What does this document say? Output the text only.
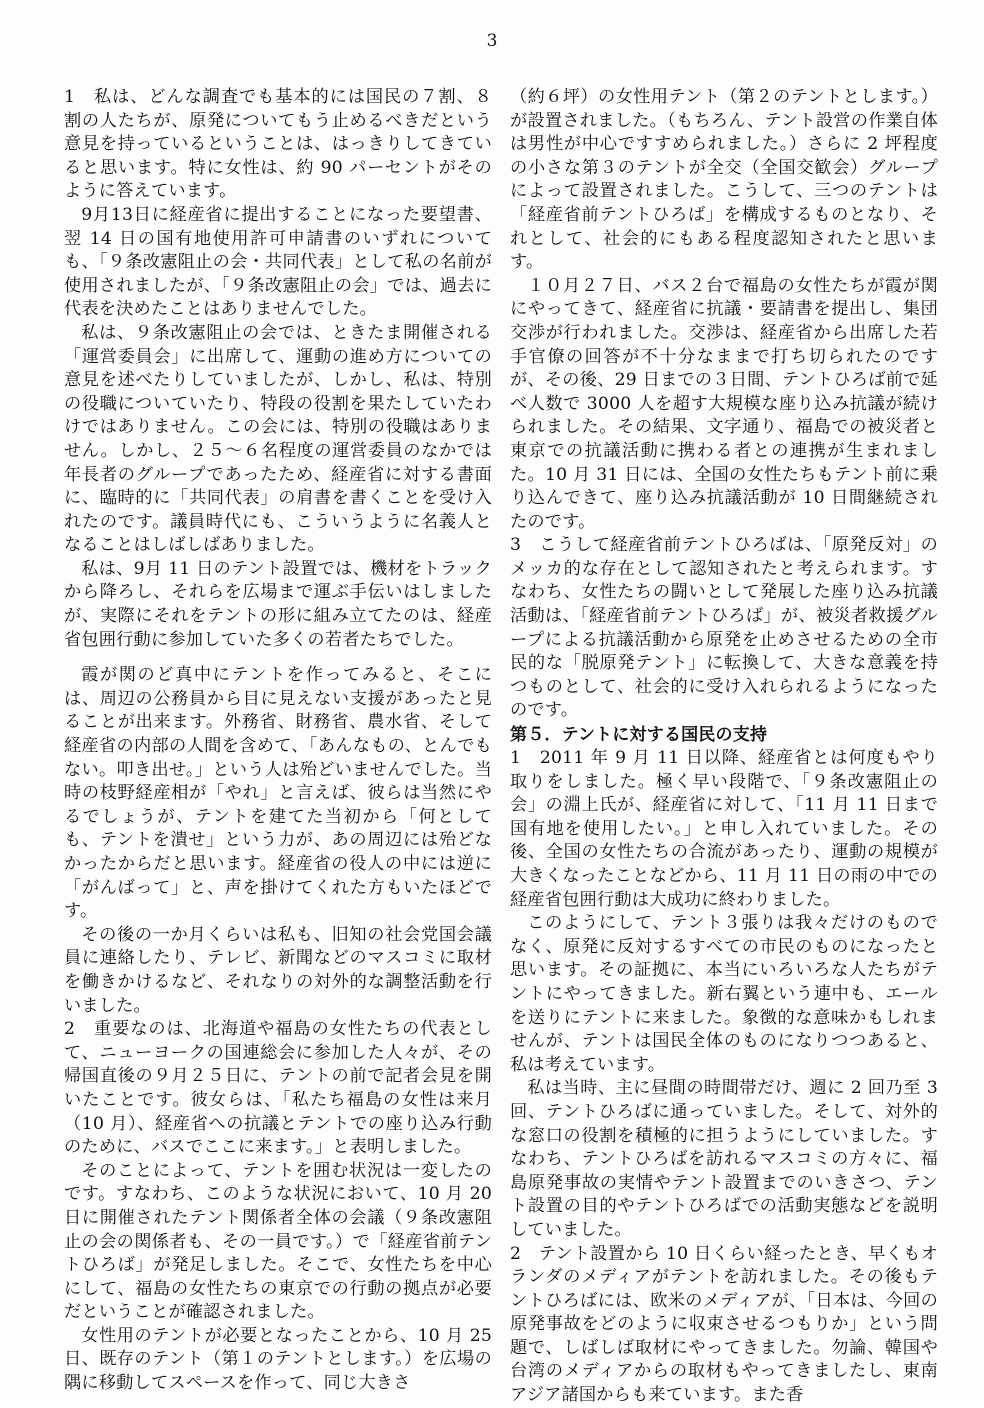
3

1　私は、どんな調査でも基本的には国民の７割、８割の人たちが、原発についてもう止めるべきだという意見を持っているということは、はっきりしてきていると思います。特に女性は、約 90 パーセントがそのように答えています。

9月13日に経産省に提出することになった要望書、翌 14 日の国有地使用許可申請書のいずれについても、「９条改憲阻止の会・共同代表」として私の名前が使用されましたが、「９条改憲阻止の会」では、過去に代表を決めたことはありませんでした。

私は、９条改憲阻止の会では、ときたま開催される「運営委員会」に出席して、運動の進め方についての意見を述べたりしていましたが、しかし、私は、特別の役職についていたり、特段の役割を果たしていたわけではありません。この会には、特別の役職はありません。しかし、２５～６名程度の運営委員のなかでは年長者のグループであったため、経産省に対する書面に、臨時的に「共同代表」の肩書を書くことを受け入れたのです。議員時代にも、こういうように名義人となることはしばしばありました。

私は、9月 11 日のテント設置では、機材をトラックから降ろし、それらを広場まで運ぶ手伝いはしましたが、実際にそれをテントの形に組み立てたのは、経産省包囲行動に参加していた多くの若者たちでした。

霞が関のど真中にテントを作ってみると、そこには、周辺の公務員から目に見えない支援があったと見ることが出来ます。外務省、財務省、農水省、そして経産省の内部の人間を含めて、「あんなもの、とんでもない。叩き出せ。」という人は殆どいませんでした。当時の枝野経産相が「やれ」と言えば、彼らは当然にやるでしょうが、テントを建てた当初から「何としても、テントを潰せ」という力が、あの周辺には殆どなかったからだと思います。経産省の役人の中には逆に「がんばって」と、声を掛けてくれた方もいたほどです。

その後の一か月くらいは私も、旧知の社会党国会議員に連絡したり、テレビ、新聞などのマスコミに取材を働きかけるなど、それなりの対外的な調整活動を行いました。

2　重要なのは、北海道や福島の女性たちの代表として、ニューヨークの国連総会に参加した人々が、その帰国直後の９月２５日に、テントの前で記者会見を開いたことです。彼女らは、「私たち福島の女性は来月（10 月）、経産省への抗議とテントでの座り込み行動のために、バスでここに来ます。」と表明しました。

そのことによって、テントを囲む状況は一変したのです。すなわち、このような状況において、10 月 20 日に開催されたテント関係者全体の会議（９条改憲阻止の会の関係者も、その一員です。）で「経産省前テントひろば」が発足しました。そこで、女性たちを中心にして、福島の女性たちの東京での行動の拠点が必要だということが確認されました。

女性用のテントが必要となったことから、10 月 25 日、既存のテント（第１のテントとします。）を広場の隅に移動してスペースを作って、同じ大きさ

（約６坪）の女性用テント（第２のテントとします。）が設置されました。（もちろん、テント設営の作業自体は男性が中心ですすめられました。）さらに 2 坪程度の小さな第３のテントが全交（全国交歓会）グループによって設置されました。こうして、三つのテントは「経産省前テントひろば」を構成するものとなり、それとして、社会的にもある程度認知されたと思います。

１０月２７日、バス２台で福島の女性たちが霞が関にやってきて、経産省に抗議・要請書を提出し、集団交渉が行われました。交渉は、経産省から出席した若手官僚の回答が不十分なままで打ち切られたのですが、その後、29 日までの３日間、テントひろば前で延べ人数で 3000 人を超す大規模な座り込み抗議が続けられました。その結果、文字通り、福島での被災者と東京での抗議活動に携わる者との連携が生まれました。10 月 31 日には、全国の女性たちもテント前に乗り込んできて、座り込み抗議活動が 10 日間継続されたのです。

3　こうして経産省前テントひろばは、「原発反対」のメッカ的な存在として認知されたと考えられます。すなわち、女性たちの闘いとして発展した座り込み抗議活動は、「経産省前テントひろば」が、被災者救援グループによる抗議活動から原発を止めさせるための全市民的な「脱原発テント」に転換して、大きな意義を持つものとして、社会的に受け入れられるようになったのです。

第５．テントに対する国民の支持

1　2011 年 9 月 11 日以降、経産省とは何度もやり取りをしました。極く早い段階で、「９条改憲阻止の会」の淵上氏が、経産省に対して、「11 月 11 日まで国有地を使用したい。」と申し入れていました。その後、全国の女性たちの合流があったり、運動の規模が大きくなったことなどから、11 月 11 日の雨の中での経産省包囲行動は大成功に終わりました。

このようにして、テント３張りは我々だけのものでなく、原発に反対するすべての市民のものになったと思います。その証拠に、本当にいろいろな人たちがテントにやってきました。新右翼という連中も、エールを送りにテントに来ました。象徴的な意味かもしれませんが、テントは国民全体のものになりつつあると、私は考えています。

私は当時、主に昼間の時間帯だけ、週に 2 回乃至 3 回、テントひろばに通っていました。そして、対外的な窓口の役割を積極的に担うようにしていました。すなわち、テントひろばを訪れるマスコミの方々に、福島原発事故の実情やテント設置までのいきさつ、テント設置の目的やテントひろばでの活動実態などを説明していました。

2　テント設置から 10 日くらい経ったとき、早くもオランダのメディアがテントを訪れました。その後もテントひろばには、欧米のメディアが、「日本は、今回の原発事故をどのように収束させるつもりか」という問題で、しばしば取材にやってきました。勿論、韓国や台湾のメディアからの取材もやってきましたし、東南アジア諸国からも来ています。また香
